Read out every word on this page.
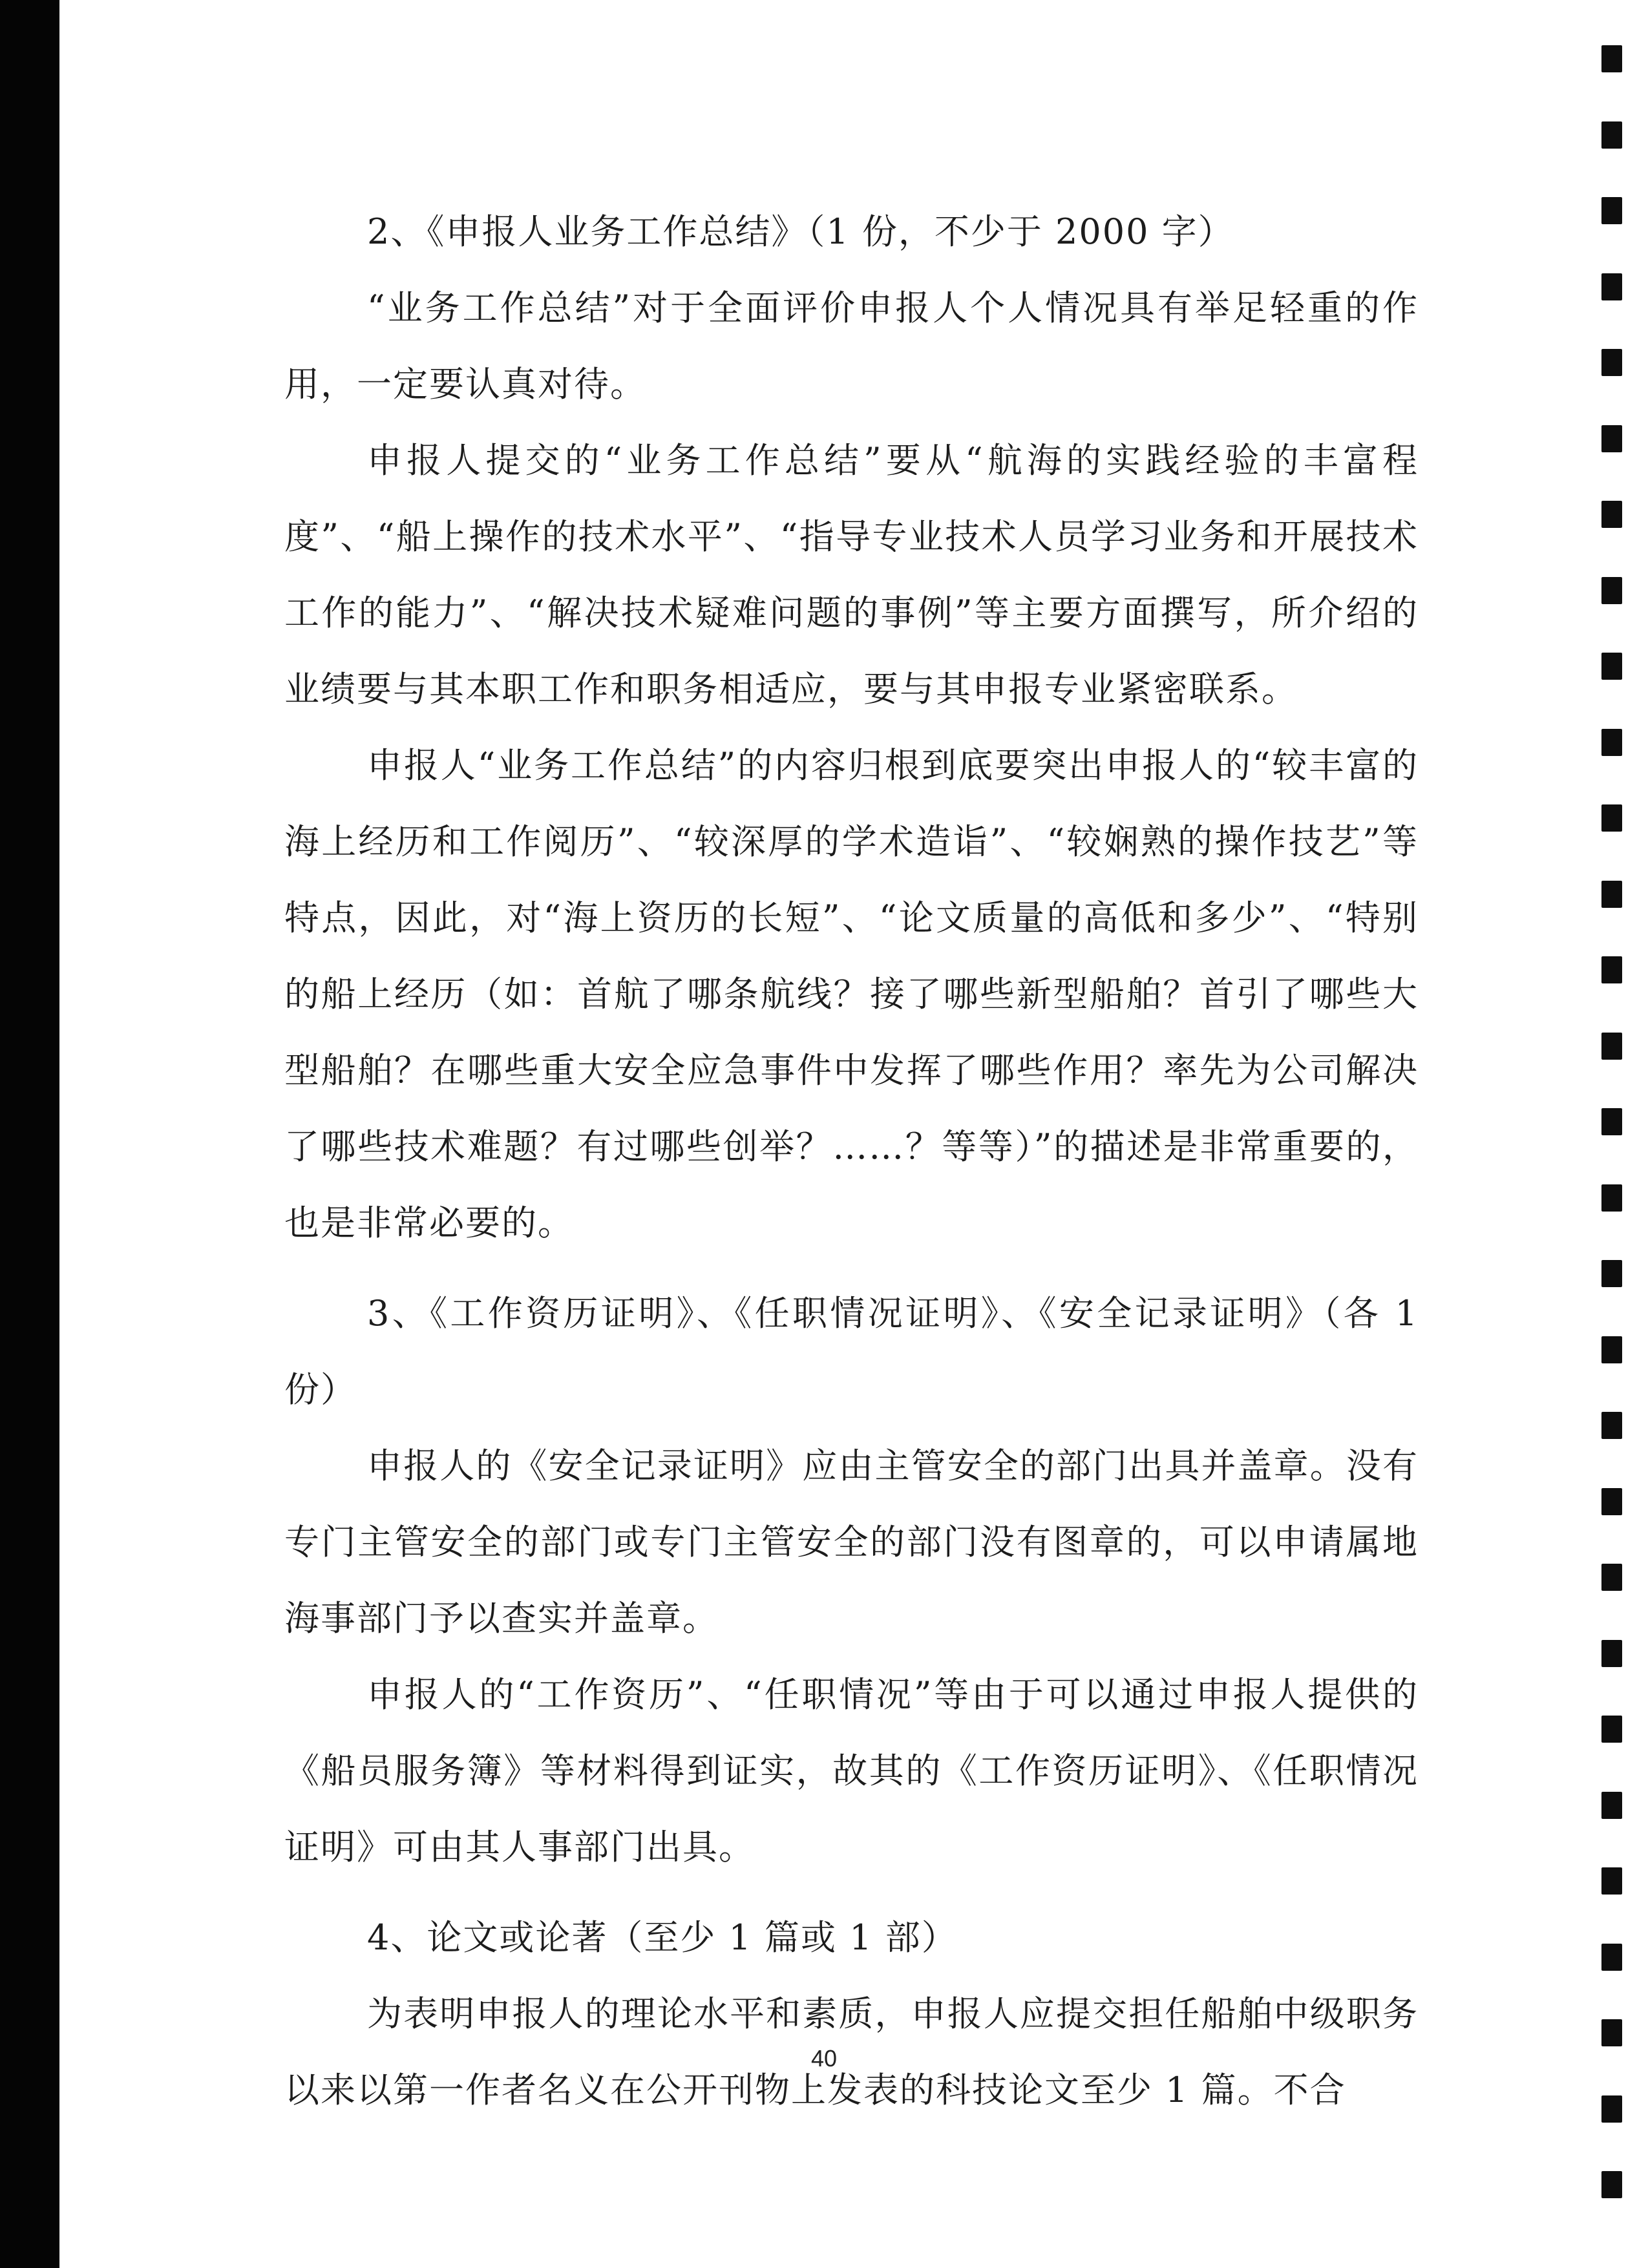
2、《申报人业务工作总结》（1 份，不少于 2000 字）

“业务工作总结”对于全面评价申报人个人情况具有举足轻重的作用，一定要认真对待。

申报人提交的“业务工作总结”要从“航海的实践经验的丰富程度”、“船上操作的技术水平”、“指导专业技术人员学习业务和开展技术工作的能力”、“解决技术疑难问题的事例”等主要方面撰写，所介绍的业绩要与其本职工作和职务相适应，要与其申报专业紧密联系。

申报人“业务工作总结”的内容归根到底要突出申报人的“较丰富的海上经历和工作阅历”、“较深厚的学术造诣”、“较娴熟的操作技艺”等特点，因此，对“海上资历的长短”、“论文质量的高低和多少”、“特别的船上经历（如：首航了哪条航线？接了哪些新型船舶？首引了哪些大型船舶？在哪些重大安全应急事件中发挥了哪些作用？率先为公司解决了哪些技术难题？有过哪些创举？……？等等）”的描述是非常重要的，也是非常必要的。

3、《工作资历证明》、《任职情况证明》、《安全记录证明》（各 1 份）

申报人的《安全记录证明》应由主管安全的部门出具并盖章。没有专门主管安全的部门或专门主管安全的部门没有图章的，可以申请属地海事部门予以查实并盖章。

申报人的“工作资历”、“任职情况”等由于可以通过申报人提供的《船员服务簿》等材料得到证实，故其的《工作资历证明》、《任职情况证明》可由其人事部门出具。

4、论文或论著（至少 1 篇或 1 部）

为表明申报人的理论水平和素质，申报人应提交担任船舶中级职务以来以第一作者名义在公开刊物上发表的科技论文至少 1 篇。不合

40
